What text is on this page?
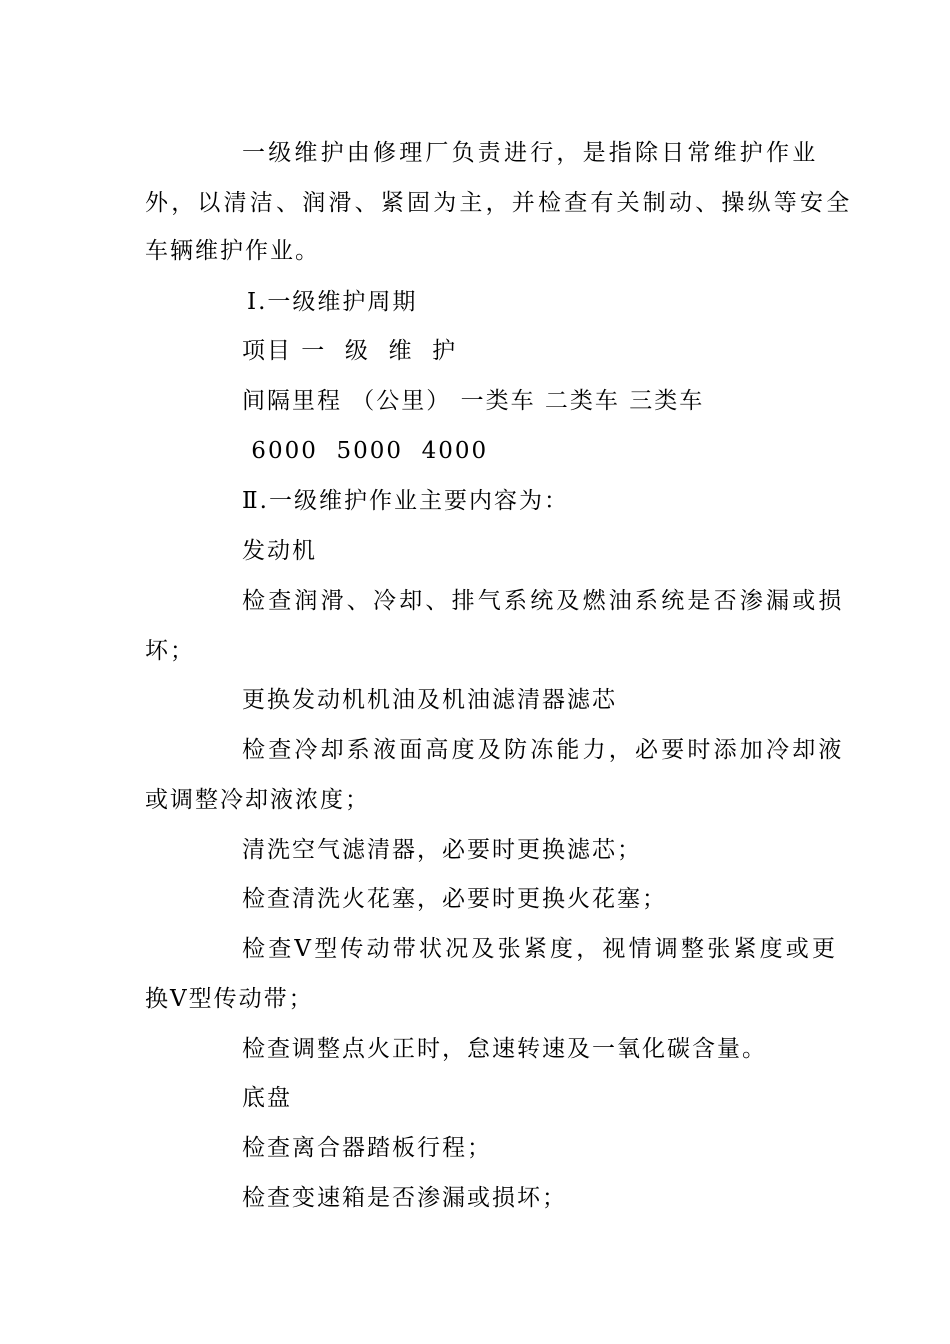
一级维护由修理厂负责进行，是指除日常维护作业
外，以清洁、润滑、紧固为主，并检查有关制动、操纵等安全
车辆维护作业。
Ⅰ.一级维护周期
项目 一  级  维  护
间隔里程 （公里） 一类车 二类车 三类车
6000  5000  4000
Ⅱ.一级维护作业主要内容为：
发动机
检查润滑、冷却、排气系统及燃油系统是否渗漏或损
坏；
更换发动机机油及机油滤清器滤芯
检查冷却系液面高度及防冻能力，必要时添加冷却液
或调整冷却液浓度；
清洗空气滤清器，必要时更换滤芯；
检查清洗火花塞，必要时更换火花塞；
检查Ⅴ型传动带状况及张紧度，视情调整张紧度或更
换Ⅴ型传动带；
检查调整点火正时，怠速转速及一氧化碳含量。
底盘
检查离合器踏板行程；
检查变速箱是否渗漏或损坏；
